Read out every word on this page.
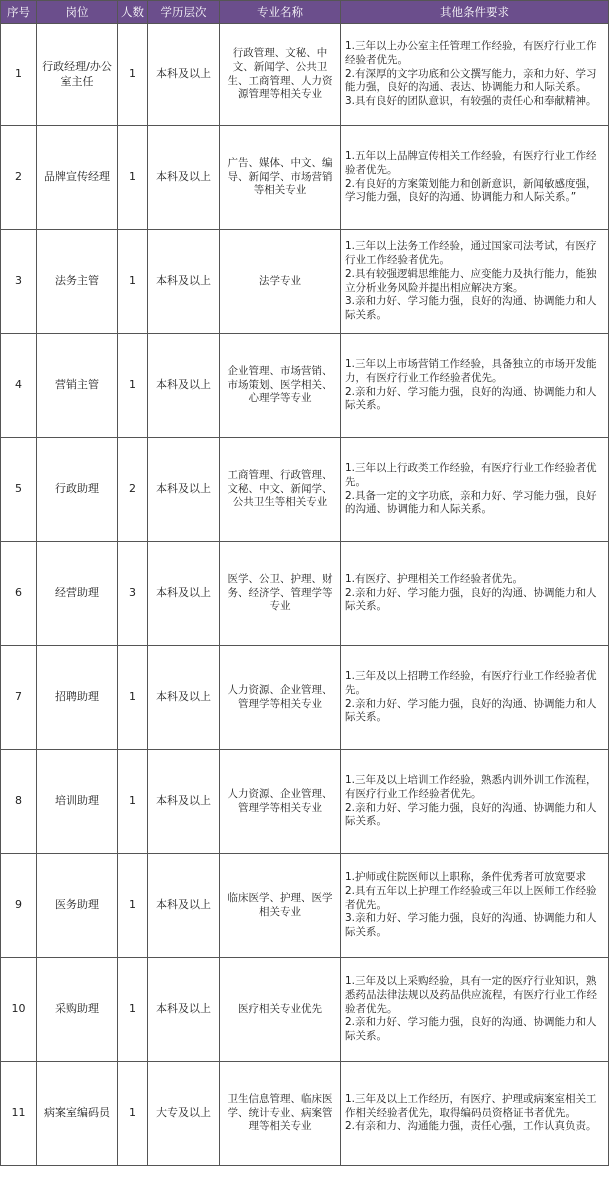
序号	岗位	人数	学历层次	专业名称	其他条件要求
1	行政经理/办公室主任	1	本科及以上	行政管理、文秘、中文、新闻学、公共卫生、工商管理、人力资源管理等相关专业	1.三年以上办公室主任管理工作经验，有医疗行业工作经验者优先。
2.有深厚的文字功底和公文撰写能力，亲和力好、学习能力强，良好的沟通、表达、协调能力和人际关系。
3.具有良好的团队意识，有较强的责任心和奉献精神。

2	品牌宣传经理	1	本科及以上	广告、媒体、中文、编导、新闻学、市场营销等相关专业	1.五年以上品牌宣传相关工作经验，有医疗行业工作经验者优先。
2.有良好的方案策划能力和创新意识，新闻敏感度强，学习能力强，良好的沟通、协调能力和人际关系。”

3	法务主管	1	本科及以上	法学专业	1.三年以上法务工作经验，通过国家司法考试，有医疗行业工作经验者优先。
2.具有较强逻辑思维能力、应变能力及执行能力，能独立分析业务风险并提出相应解决方案。
3.亲和力好、学习能力强，良好的沟通、协调能力和人际关系。

4	营销主管	1	本科及以上	企业管理、市场营销、市场策划、医学相关、心理学等专业	1.三年以上市场营销工作经验，具备独立的市场开发能力，有医疗行业工作经验者优先。
2.亲和力好、学习能力强，良好的沟通、协调能力和人际关系。

5	行政助理	2	本科及以上	工商管理、行政管理、文秘、中文、新闻学、公共卫生等相关专业	1.三年以上行政类工作经验，有医疗行业工作经验者优先。
2.具备一定的文字功底，亲和力好、学习能力强，良好的沟通、协调能力和人际关系。

6	经营助理	3	本科及以上	医学、公卫、护理、财务、经济学、管理学等专业	1.有医疗、护理相关工作经验者优先。
2.亲和力好、学习能力强，良好的沟通、协调能力和人际关系。

7	招聘助理	1	本科及以上	人力资源、企业管理、管理学等相关专业	1.三年及以上招聘工作经验，有医疗行业工作经验者优先。
2.亲和力好、学习能力强，良好的沟通、协调能力和人际关系。

8	培训助理	1	本科及以上	人力资源、企业管理、管理学等相关专业	1.三年及以上培训工作经验，熟悉内训外训工作流程，有医疗行业工作经验者优先。
2.亲和力好、学习能力强，良好的沟通、协调能力和人际关系。

9	医务助理	1	本科及以上	临床医学、护理、医学相关专业	1.护师或住院医师以上职称，条件优秀者可放宽要求
2.具有五年以上护理工作经验或三年以上医师工作经验者优先。
3.亲和力好、学习能力强，良好的沟通、协调能力和人际关系。

10	采购助理	1	本科及以上	医疗相关专业优先	1.三年及以上采购经验，具有一定的医疗行业知识，熟悉药品法律法规以及药品供应流程，有医疗行业工作经验者优先。
2.亲和力好、学习能力强，良好的沟通、协调能力和人际关系。

11	病案室编码员	1	大专及以上	卫生信息管理、临床医学、统计专业、病案管理等相关专业	1.三年及以上工作经历，有医疗、护理或病案室相关工作相关经验者优先，取得编码员资格证书者优先。
2.有亲和力、沟通能力强，责任心强，工作认真负责。
